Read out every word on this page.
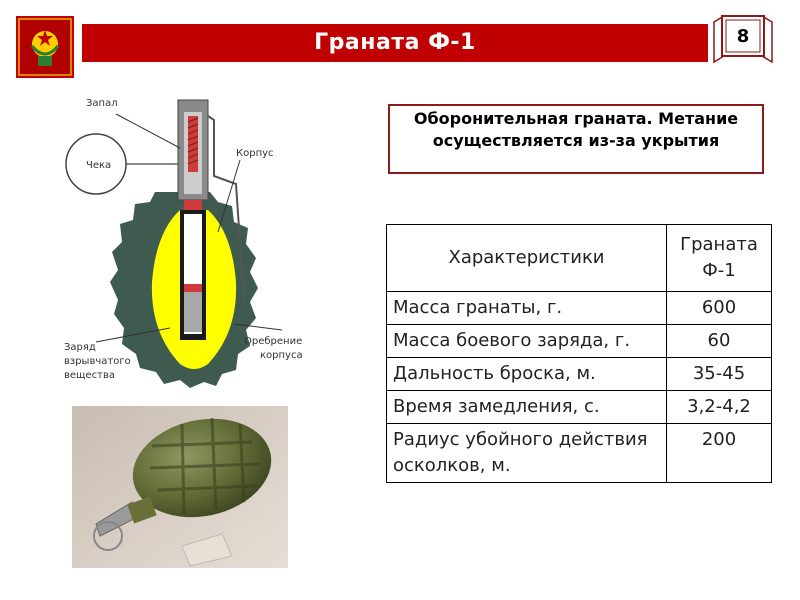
Граната Ф-1	8
Запал
Чека
Корпус
Заряд
взрывчатого
вещества
Оребрение
корпуса
Оборонительная граната. Метание осуществляется из-за укрытия
Характеристики	Граната Ф-1
Масса гранаты, г.	600
Масса боевого заряда, г.	60
Дальность броска, м.	35-45
Время замедления, с.	3,2-4,2
Радиус убойного действия осколков, м.	200
